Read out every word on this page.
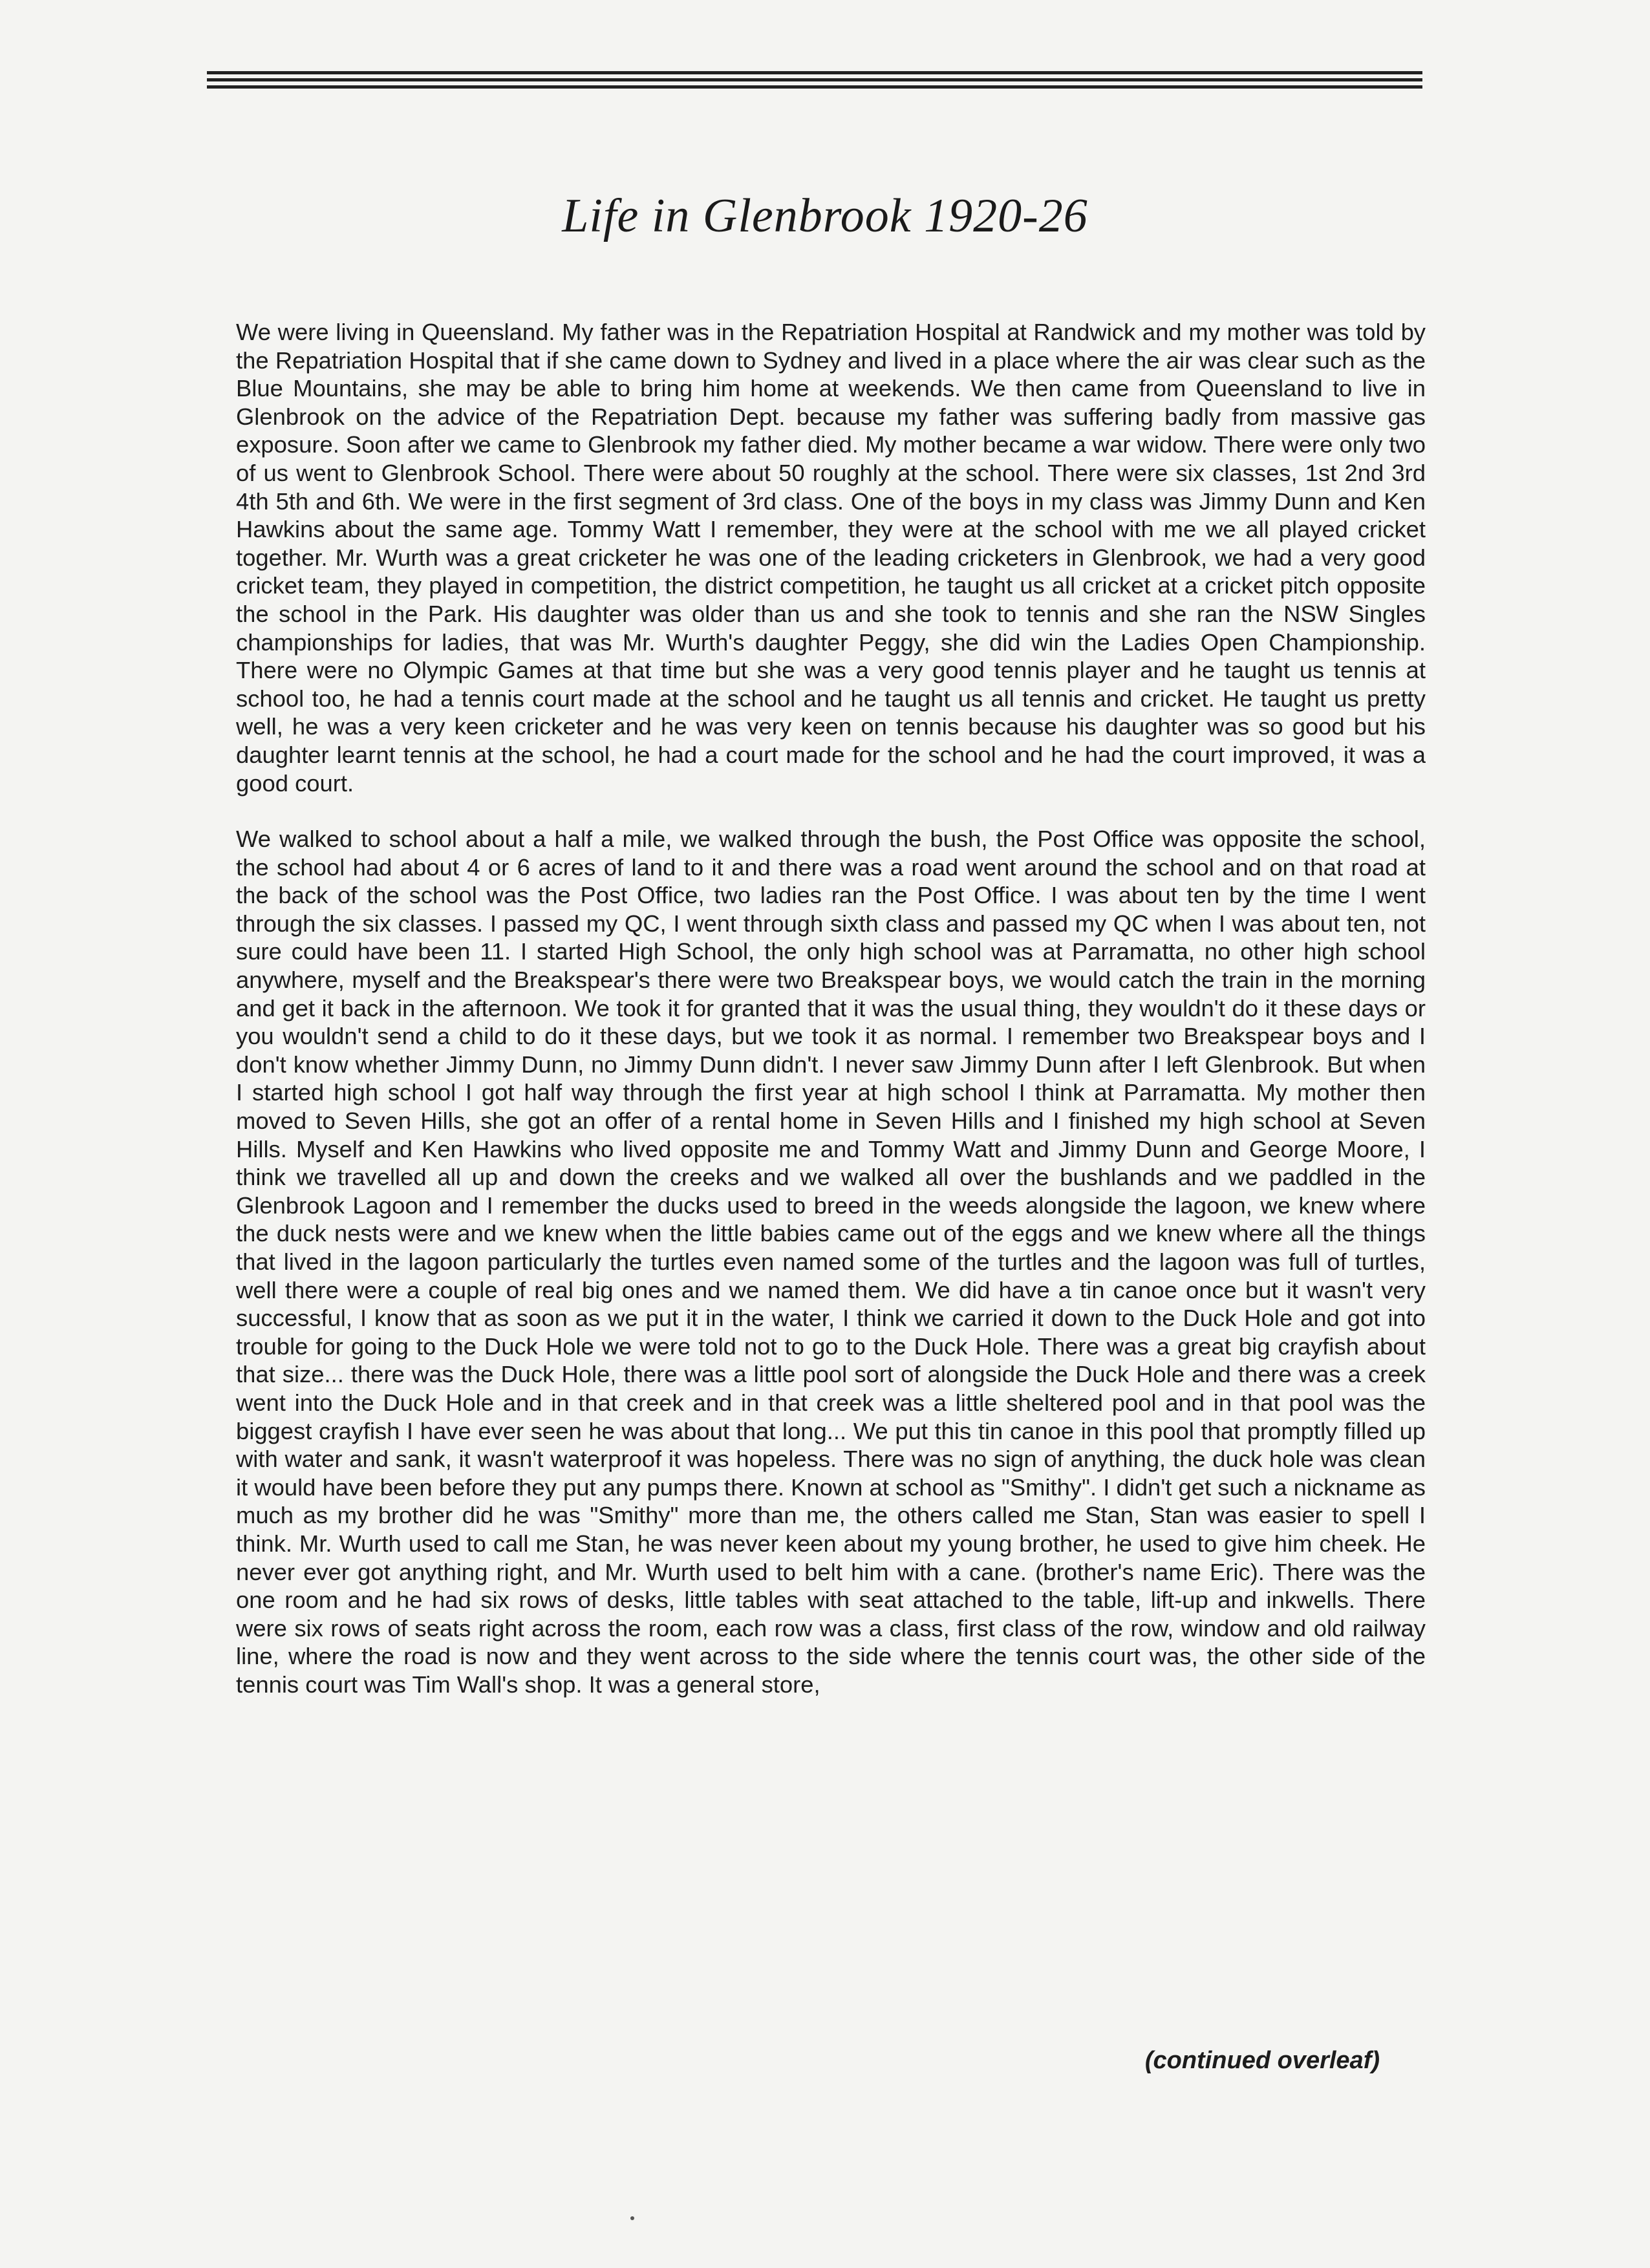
Life in Glenbrook 1920-26

We were living in Queensland. My father was in the Repatriation Hospital at Randwick and my mother was told by the Repatriation Hospital that if she came down to Sydney and lived in a place where the air was clear such as the Blue Mountains, she may be able to bring him home at weekends. We then came from Queensland to live in Glenbrook on the advice of the Repatriation Dept. because my father was suffering badly from massive gas exposure. Soon after we came to Glenbrook my father died. My mother became a war widow. There were only two of us went to Glenbrook School. There were about 50 roughly at the school. There were six classes, 1st 2nd 3rd 4th 5th and 6th. We were in the first segment of 3rd class. One of the boys in my class was Jimmy Dunn and Ken Hawkins about the same age. Tommy Watt I remember, they were at the school with me we all played cricket together. Mr. Wurth was a great cricketer he was one of the leading cricketers in Glenbrook, we had a very good cricket team, they played in competition, the district competition, he taught us all cricket at a cricket pitch opposite the school in the Park. His daughter was older than us and she took to tennis and she ran the NSW Singles championships for ladies, that was Mr. Wurth's daughter Peggy, she did win the Ladies Open Championship. There were no Olympic Games at that time but she was a very good tennis player and he taught us tennis at school too, he had a tennis court made at the school and he taught us all tennis and cricket. He taught us pretty well, he was a very keen cricketer and he was very keen on tennis because his daughter was so good but his daughter learnt tennis at the school, he had a court made for the school and he had the court improved, it was a good court.

We walked to school about a half a mile, we walked through the bush, the Post Office was opposite the school, the school had about 4 or 6 acres of land to it and there was a road went around the school and on that road at the back of the school was the Post Office, two ladies ran the Post Office. I was about ten by the time I went through the six classes. I passed my QC, I went through sixth class and passed my QC when I was about ten, not sure could have been 11. I started High School, the only high school was at Parramatta, no other high school anywhere, myself and the Breakspear's there were two Breakspear boys, we would catch the train in the morning and get it back in the afternoon. We took it for granted that it was the usual thing, they wouldn't do it these days or you wouldn't send a child to do it these days, but we took it as normal. I remember two Breakspear boys and I don't know whether Jimmy Dunn, no Jimmy Dunn didn't. I never saw Jimmy Dunn after I left Glenbrook. But when I started high school I got half way through the first year at high school I think at Parramatta. My mother then moved to Seven Hills, she got an offer of a rental home in Seven Hills and I finished my high school at Seven Hills. Myself and Ken Hawkins who lived opposite me and Tommy Watt and Jimmy Dunn and George Moore, I think we travelled all up and down the creeks and we walked all over the bushlands and we paddled in the Glenbrook Lagoon and I remember the ducks used to breed in the weeds alongside the lagoon, we knew where the duck nests were and we knew when the little babies came out of the eggs and we knew where all the things that lived in the lagoon particularly the turtles even named some of the turtles and the lagoon was full of turtles, well there were a couple of real big ones and we named them. We did have a tin canoe once but it wasn't very successful, I know that as soon as we put it in the water, I think we carried it down to the Duck Hole and got into trouble for going to the Duck Hole we were told not to go to the Duck Hole. There was a great big crayfish about that size... there was the Duck Hole, there was a little pool sort of alongside the Duck Hole and there was a creek went into the Duck Hole and in that creek and in that creek was a little sheltered pool and in that pool was the biggest crayfish I have ever seen he was about that long... We put this tin canoe in this pool that promptly filled up with water and sank, it wasn't waterproof it was hopeless. There was no sign of anything, the duck hole was clean it would have been before they put any pumps there. Known at school as "Smithy". I didn't get such a nickname as much as my brother did he was "Smithy" more than me, the others called me Stan, Stan was easier to spell I think. Mr. Wurth used to call me Stan, he was never keen about my young brother, he used to give him cheek. He never ever got anything right, and Mr. Wurth used to belt him with a cane. (brother's name Eric). There was the one room and he had six rows of desks, little tables with seat attached to the table, lift-up and inkwells. There were six rows of seats right across the room, each row was a class, first class of the row, window and old railway line, where the road is now and they went across to the side where the tennis court was, the other side of the tennis court was Tim Wall's shop. It was a general store,

(continued overleaf)
